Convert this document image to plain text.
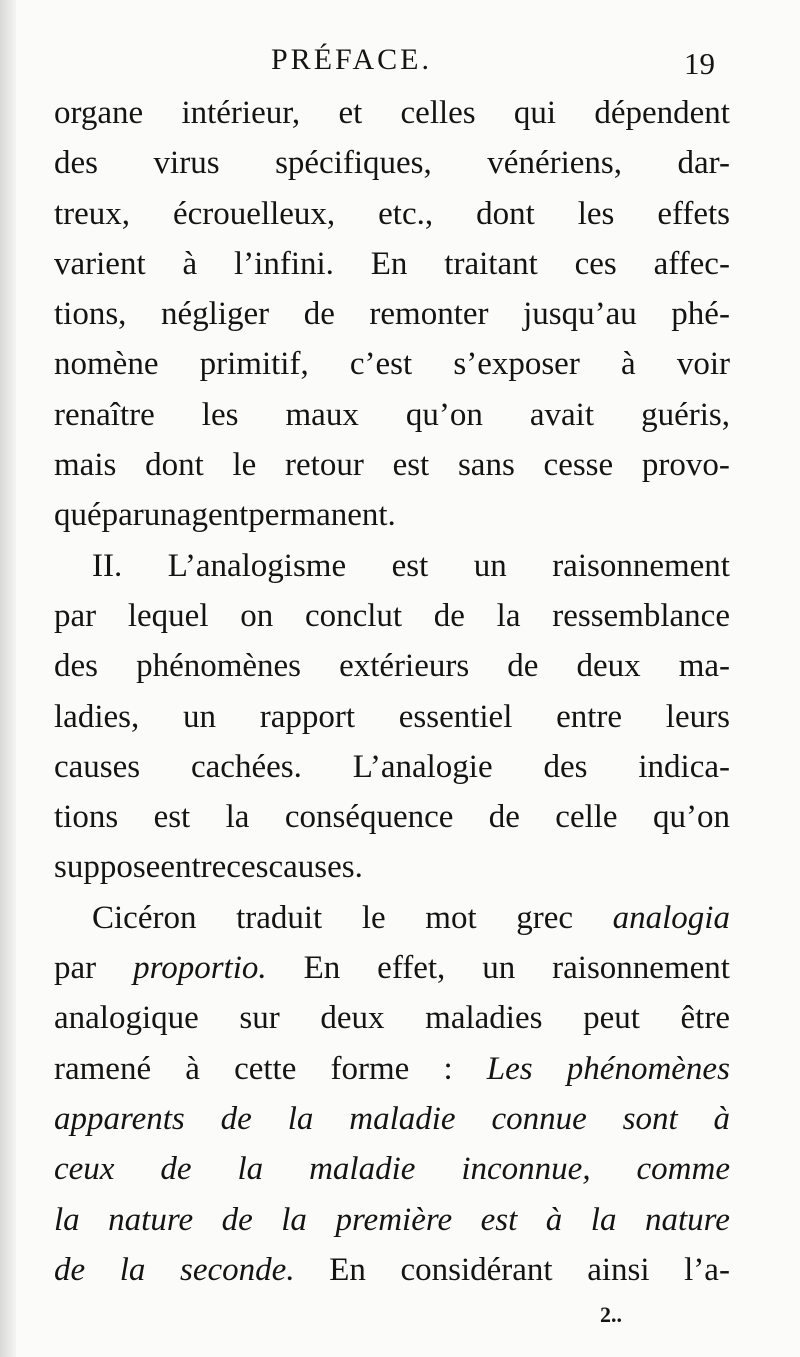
PRÉFACE.	19
organe intérieur, et celles qui dépendent
des virus spécifiques, vénériens, dar-
treux, écrouelleux, etc., dont les effets
varient à l’infini. En traitant ces affec-
tions, négliger de remonter jusqu’au phé-
nomène primitif, c’est s’exposer à voir
renaître les maux qu’on avait guéris,
mais dont le retour est sans cesse provo-
qué par un agent permanent.
II. L’analogisme est un raisonnement
par lequel on conclut de la ressemblance
des phénomènes extérieurs de deux ma-
ladies, un rapport essentiel entre leurs
causes cachées. L’analogie des indica-
tions est la conséquence de celle qu’on
suppose entre ces causes.
Cicéron traduit le mot grec analogia
par proportio. En effet, un raisonnement
analogique sur deux maladies peut être
ramené à cette forme : Les phénomènes
apparents de la maladie connue sont à
ceux de la maladie inconnue, comme
la nature de la première est à la nature
de la seconde. En considérant ainsi l’a-
2..
